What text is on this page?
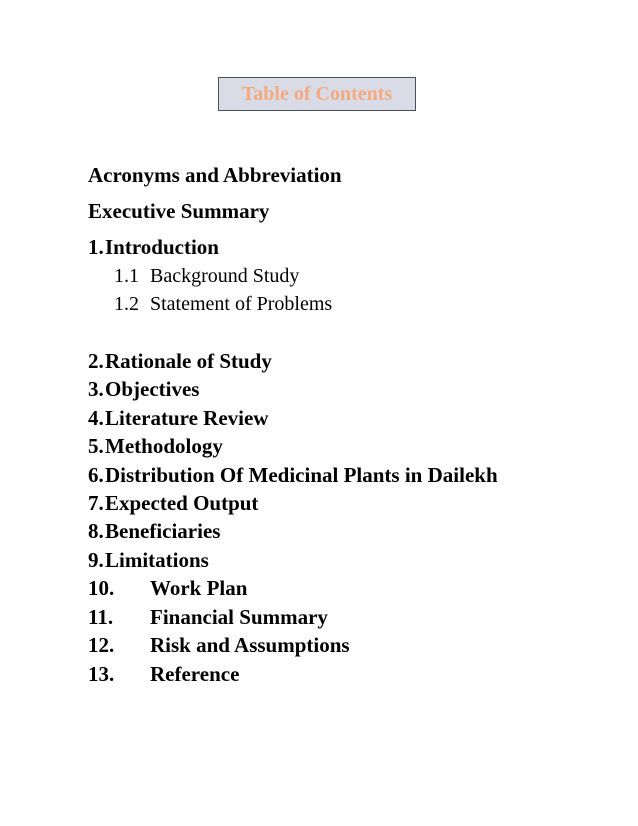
Table of Contents
Acronyms and Abbreviation
Executive Summary
1.Introduction
1.1 Background Study
1.2 Statement of Problems
2.Rationale of Study
3.Objectives
4.Literature Review
5.Methodology
6.Distribution Of Medicinal Plants in Dailekh
7.Expected Output
8.Beneficiaries
9.Limitations
10. Work Plan
11. Financial Summary
12. Risk and Assumptions
13. Reference
